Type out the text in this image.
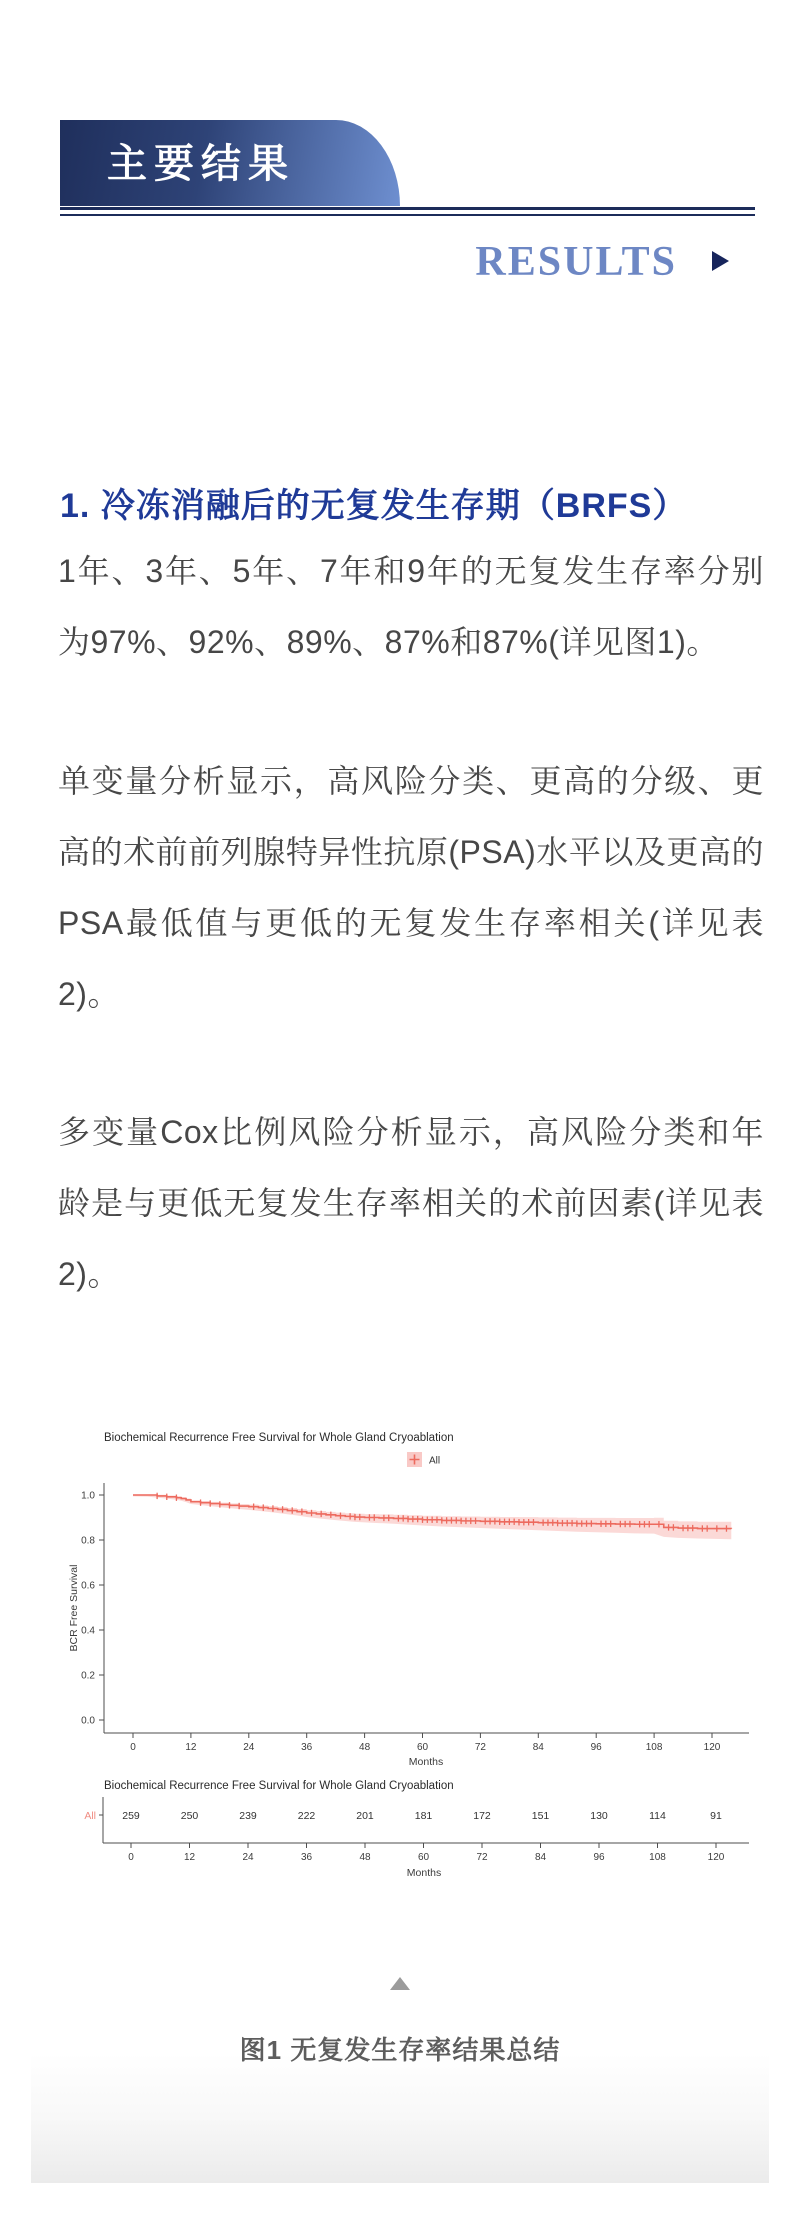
主要结果
RESULTS
1. 冷冻消融后的无复发生存期（BRFS）
1年、3年、5年、7年和9年的无复发生存率分别为97%、92%、89%、87%和87%(详见图1)。
单变量分析显示，高风险分类、更高的分级、更高的术前前列腺特异性抗原(PSA)水平以及更高的PSA最低值与更低的无复发生存率相关(详见表2)。
多变量Cox比例风险分析显示，高风险分类和年龄是与更低无复发生存率相关的术前因素(详见表2)。
Biochemical Recurrence Free Survival for Whole Gland Cryoablation
All
0.0
0.2
0.4
0.6
0.8
1.0
0	12	24	36	48	60	72	84	96	108	120
Months
BCR Free Survival
Biochemical Recurrence Free Survival for Whole Gland Cryoablation
All 259	250	239	222	201	181	172	151	130	114	91
0	12	24	36	48	60	72	84	96	108	120
Months
图1 无复发生存率结果总结
